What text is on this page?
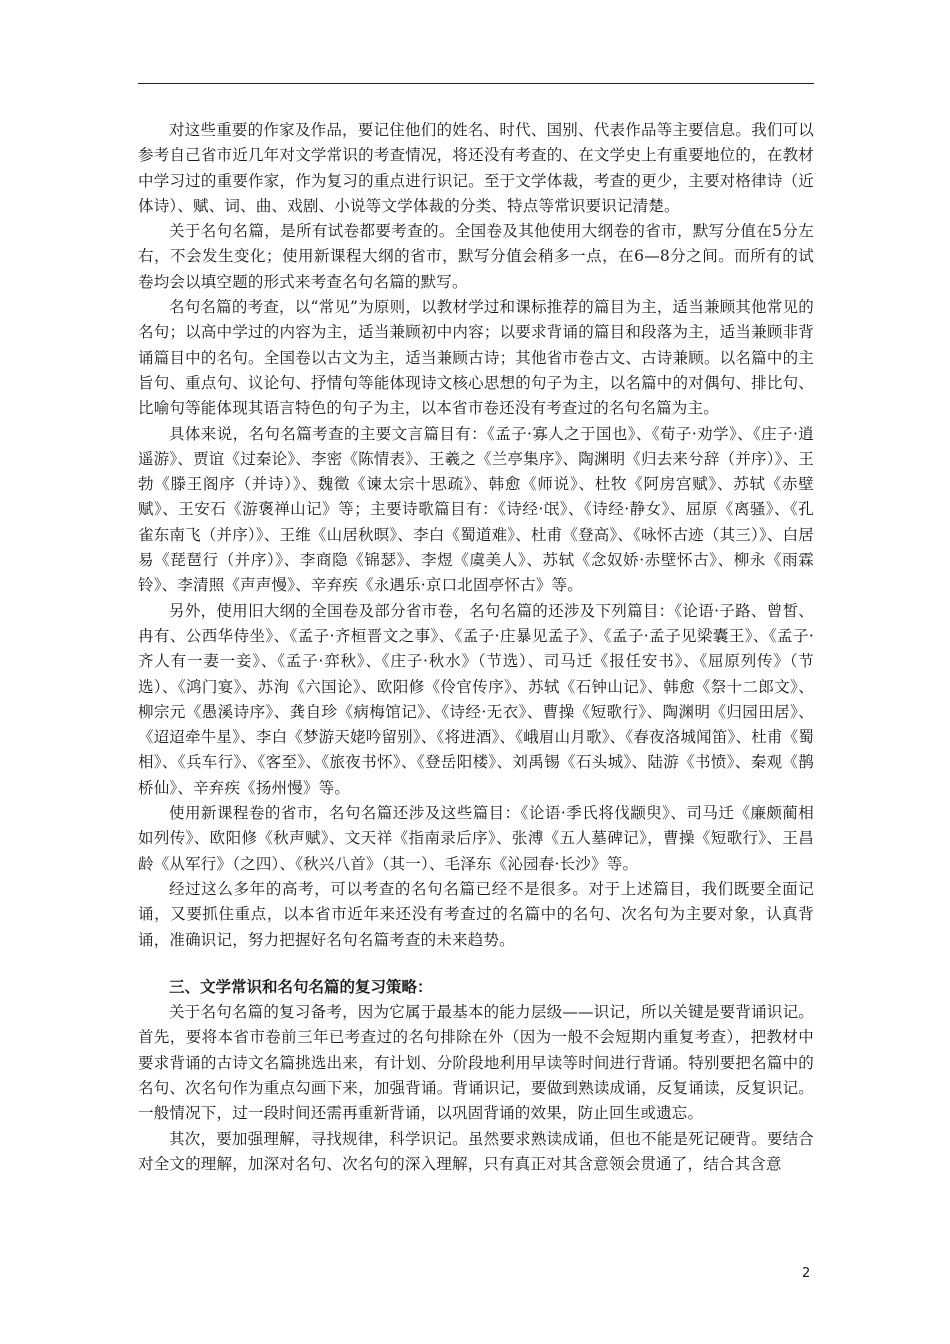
对这些重要的作家及作品，要记住他们的姓名、时代、国别、代表作品等主要信息。我们可以参考自己省市近几年对文学常识的考查情况，将还没有考查的、在文学史上有重要地位的，在教材中学习过的重要作家，作为复习的重点进行识记。至于文学体裁，考查的更少，主要对格律诗（近体诗）、赋、词、曲、戏剧、小说等文学体裁的分类、特点等常识要识记清楚。

关于名句名篇，是所有试卷都要考查的。全国卷及其他使用大纲卷的省市，默写分值在5分左右，不会发生变化；使用新课程大纲的省市，默写分值会稍多一点，在6—8分之间。而所有的试卷均会以填空题的形式来考查名句名篇的默写。

名句名篇的考查，以“常见”为原则，以教材学过和课标推荐的篇目为主，适当兼顾其他常见的名句；以高中学过的内容为主，适当兼顾初中内容；以要求背诵的篇目和段落为主，适当兼顾非背诵篇目中的名句。全国卷以古文为主，适当兼顾古诗；其他省市卷古文、古诗兼顾。以名篇中的主旨句、重点句、议论句、抒情句等能体现诗文核心思想的句子为主，以名篇中的对偶句、排比句、比喻句等能体现其语言特色的句子为主，以本省市卷还没有考查过的名句名篇为主。

具体来说，名句名篇考查的主要文言篇目有：《孟子·寡人之于国也》、《荀子·劝学》、《庄子·逍遥游》、贾谊《过秦论》、李密《陈情表》、王羲之《兰亭集序》、陶渊明《归去来兮辞（并序）》、王勃《滕王阁序（并诗）》、魏徵《谏太宗十思疏》、韩愈《师说》、杜牧《阿房宫赋》、苏轼《赤壁赋》、王安石《游褒禅山记》等；主要诗歌篇目有：《诗经·氓》、《诗经·静女》、屈原《离骚》、《孔雀东南飞（并序）》、王维《山居秋暝》、李白《蜀道难》、杜甫《登高》、《咏怀古迹（其三）》、白居易《琵琶行（并序）》、李商隐《锦瑟》、李煜《虞美人》、苏轼《念奴娇·赤壁怀古》、柳永《雨霖铃》、李清照《声声慢》、辛弃疾《永遇乐·京口北固亭怀古》等。

另外，使用旧大纲的全国卷及部分省市卷，名句名篇的还涉及下列篇目：《论语·子路、曾皙、冉有、公西华侍坐》、《孟子·齐桓晋文之事》、《孟子·庄暴见孟子》、《孟子·孟子见梁囊王》、《孟子·齐人有一妻一妾》、《孟子·弈秋》、《庄子·秋水》（节选）、司马迁《报任安书》、《屈原列传》（节选）、《鸿门宴》、苏洵《六国论》、欧阳修《伶官传序》、苏轼《石钟山记》、韩愈《祭十二郎文》、柳宗元《愚溪诗序》、龚自珍《病梅馆记》、《诗经·无衣》、曹操《短歌行》、陶渊明《归园田居》、《迢迢牵牛星》、李白《梦游天姥吟留别》、《将进酒》、《峨眉山月歌》、《春夜洛城闻笛》、杜甫《蜀相》、《兵车行》、《客至》、《旅夜书怀》、《登岳阳楼》、刘禹锡《石头城》、陆游《书愤》、秦观《鹊桥仙》、辛弃疾《扬州慢》等。

使用新课程卷的省市，名句名篇还涉及这些篇目：《论语·季氏将伐颛臾》、司马迁《廉颇蔺相如列传》、欧阳修《秋声赋》、文天祥《指南录后序》、张溥《五人墓碑记》，曹操《短歌行》、王昌龄《从军行》（之四）、《秋兴八首》（其一）、毛泽东《沁园春·长沙》等。

经过这么多年的高考，可以考查的名句名篇已经不是很多。对于上述篇目，我们既要全面记诵，又要抓住重点，以本省市近年来还没有考查过的名篇中的名句、次名句为主要对象，认真背诵，准确识记，努力把握好名句名篇考查的未来趋势。

三、文学常识和名句名篇的复习策略：

关于名句名篇的复习备考，因为它属于最基本的能力层级——识记，所以关键是要背诵识记。首先，要将本省市卷前三年已考查过的名句排除在外（因为一般不会短期内重复考查），把教材中要求背诵的古诗文名篇挑选出来，有计划、分阶段地利用早读等时间进行背诵。特别要把名篇中的名句、次名句作为重点勾画下来，加强背诵。背诵识记，要做到熟读成诵，反复诵读，反复识记。一般情况下，过一段时间还需再重新背诵，以巩固背诵的效果，防止回生或遗忘。

其次，要加强理解，寻找规律，科学识记。虽然要求熟读成诵，但也不能是死记硬背。要结合对全文的理解，加深对名句、次名句的深入理解，只有真正对其含意领会贯通了，结合其含意

2
